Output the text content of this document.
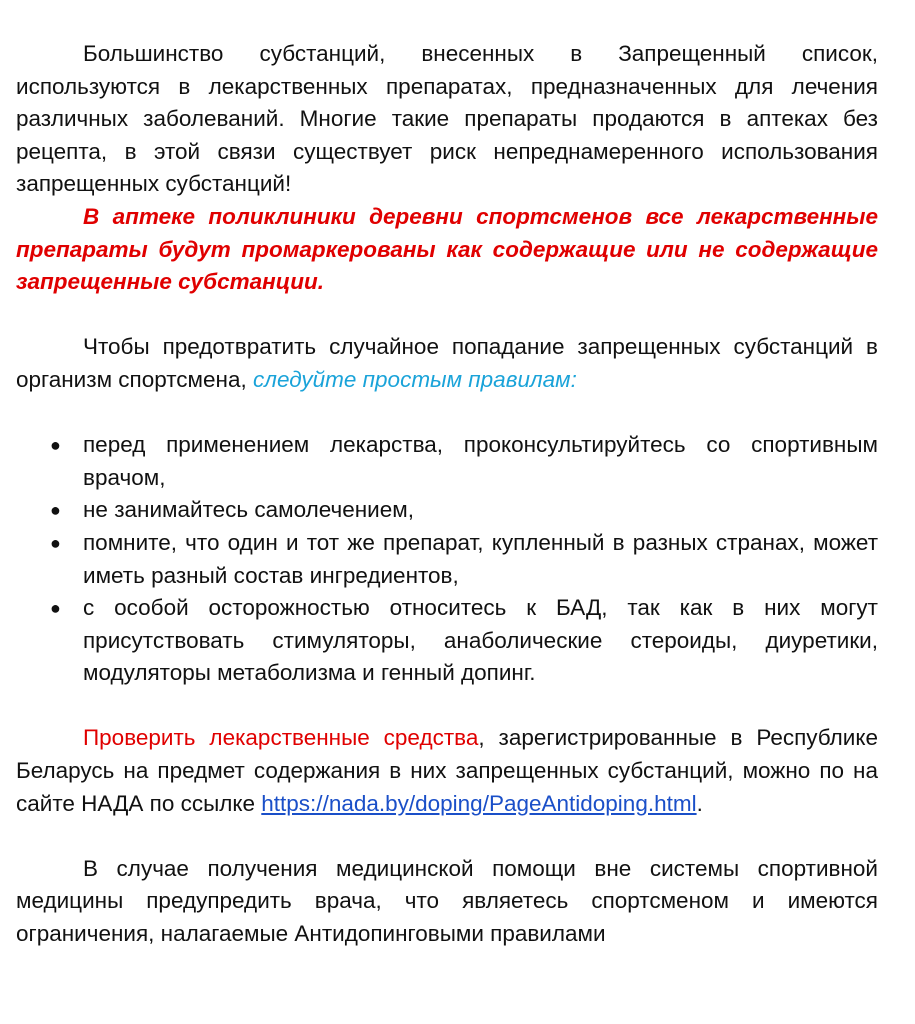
Большинство субстанций, внесенных в Запрещенный список, используются в лекарственных препаратах, предназначенных для лечения различных заболеваний. Многие такие препараты продаются в аптеках без рецепта, в этой связи существует риск непреднамеренного использования запрещенных субстанций!

В аптеке поликлиники деревни спортсменов все лекарственные препараты будут промаркерованы как содержащие или не содержащие запрещенные субстанции.

Чтобы предотвратить случайное попадание запрещенных субстанций в организм спортсмена, следуйте простым правилам:

● перед применением лекарства, проконсультируйтесь со спортивным врачом,
● не занимайтесь самолечением,
● помните, что один и тот же препарат, купленный в разных странах, может иметь разный состав ингредиентов,
● с особой осторожностью относитесь к БАД, так как в них могут присутствовать стимуляторы, анаболические стероиды, диуретики, модуляторы метаболизма и генный допинг.

Проверить лекарственные средства, зарегистрированные в Республике Беларусь на предмет содержания в них запрещенных субстанций, можно по на сайте НАДА по ссылке https://nada.by/doping/PageAntidoping.html.

В случае получения медицинской помощи вне системы спортивной медицины предупредить врача, что являетесь спортсменом и имеются ограничения, налагаемые Антидопинговыми правилами
